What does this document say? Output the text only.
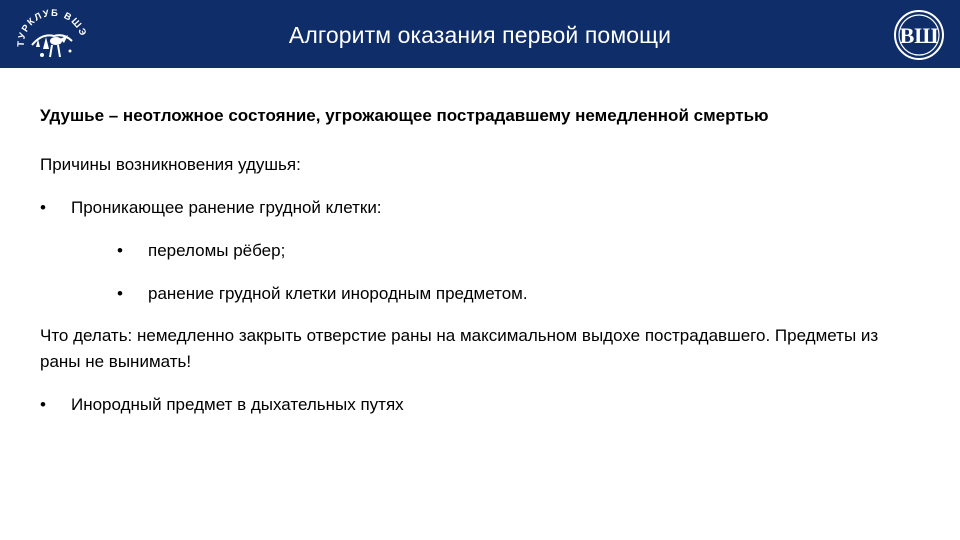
Алгоритм оказания первой помощи
ТУРКЛУБ ВШЭ	ВШ
Удушье – неотложное состояние, угрожающее пострадавшему немедленной смертью
Причины возникновения удушья:
• Проникающее ранение грудной клетки:
• переломы рёбер;
• ранение грудной клетки инородным предметом.
Что делать: немедленно закрыть отверстие раны на максимальном выдохе пострадавшего. Предметы из раны не вынимать!
• Инородный предмет в дыхательных путях
